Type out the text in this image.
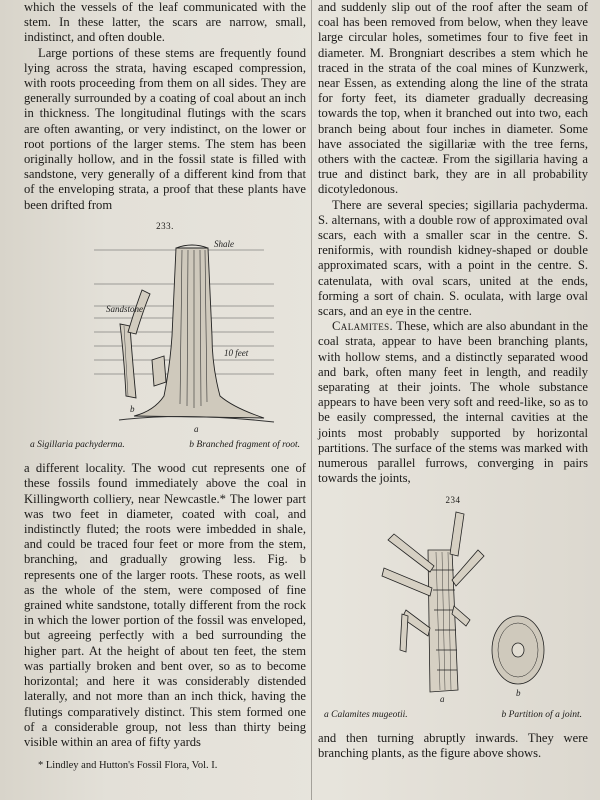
which the vessels of the leaf communicated with the stem. In these latter, the scars are narrow, small, indistinct, and often double.

Large portions of these stems are frequently found lying across the strata, having escaped compression, with roots proceeding from them on all sides. They are generally surrounded by a coating of coal about an inch in thickness. The longitudinal flutings with the scars are often awanting, or very indistinct, on the lower or root portions of the larger stems. The stem has been originally hollow, and in the fossil state is filled with sandstone, very generally of a different kind from that of the enveloping strata, a proof that these plants have been drifted from

233.
Shale
Sandstone
10 feet
b
a
a Sigillaria pachyderma.	b Branched fragment of root.

a different locality. The wood cut represents one of these fossils found immediately above the coal in Killingworth colliery, near Newcastle.* The lower part was two feet in diameter, coated with coal, and indistinctly fluted; the roots were imbedded in shale, and could be traced four feet or more from the stem, branching, and gradually growing less. Fig. b represents one of the larger roots. These roots, as well as the whole of the stem, were composed of fine grained white sandstone, totally different from the rock in which the lower portion of the fossil was enveloped, but agreeing perfectly with a bed surrounding the higher part. At the height of about ten feet, the stem was partially broken and bent over, so as to become horizontal; and here it was considerably distended laterally, and not more than an inch thick, having the flutings comparatively distinct. This stem formed one of a considerable group, not less than thirty being visible within an area of fifty yards

* Lindley and Hutton's Fossil Flora, Vol. I.

and suddenly slip out of the roof after the seam of coal has been removed from below, when they leave large circular holes, sometimes four to five feet in diameter. M. Brongniart describes a stem which he traced in the strata of the coal mines of Kunzwerk, near Essen, as extending along the line of the strata for forty feet, its diameter gradually decreasing towards the top, when it branched out into two, each branch being about four inches in diameter. Some have associated the sigillariæ with the tree ferns, others with the cacteæ. From the sigillaria having a true and distinct bark, they are in all probability dicotyledonous.

There are several species; sigillaria pachyderma. S. alternans, with a double row of approximated oval scars, each with a smaller scar in the centre. S. reniformis, with roundish kidney-shaped or double approximated scars, with a point in the centre. S. catenulata, with oval scars, united at the ends, forming a sort of chain. S. oculata, with large oval scars, and an eye in the centre.

Calamites. These, which are also abundant in the coal strata, appear to have been branching plants, with hollow stems, and a distinctly separated wood and bark, often many feet in length, and readily separating at their joints. The whole substance appears to have been very soft and reed-like, so as to be easily compressed, the internal cavities at the joints most probably supported by horizontal partitions. The surface of the stems was marked with numerous parallel furrows, converging in pairs towards the joints,

234
a
b
a Calamites mugeotii.	b Partition of a joint.

and then turning abruptly inwards. They were branching plants, as the figure above shows.
